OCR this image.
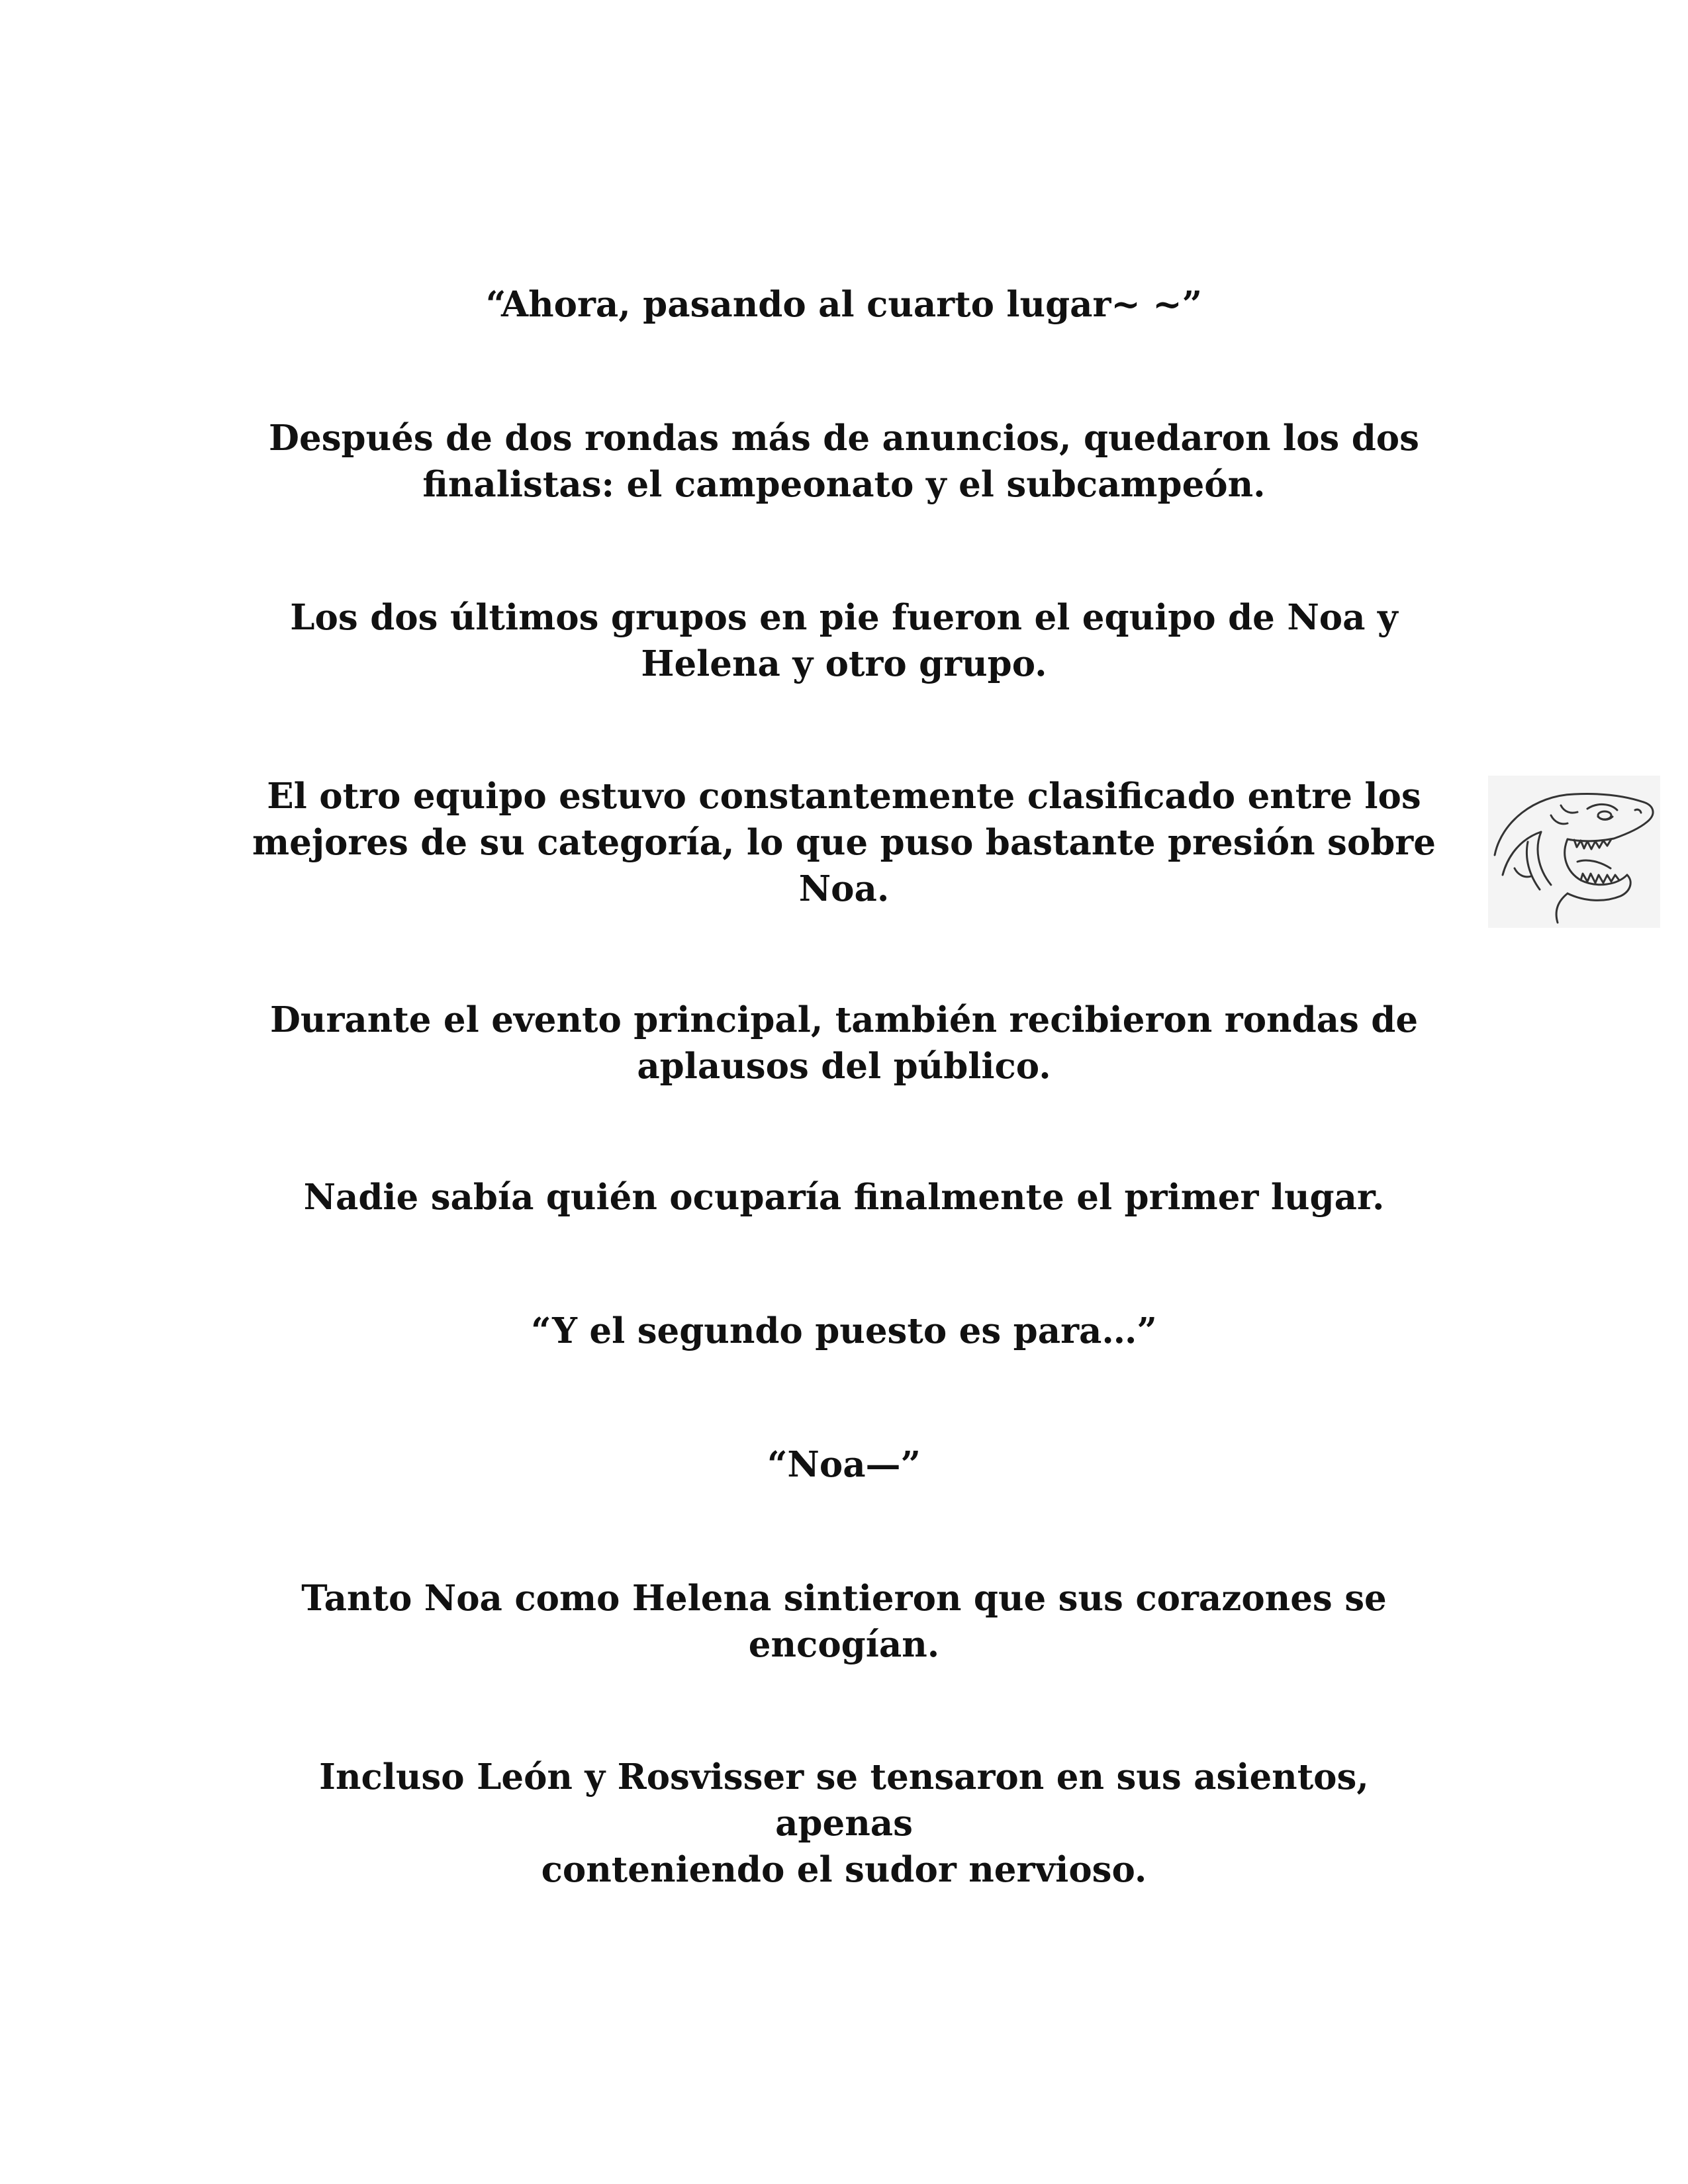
“Ahora, pasando al cuarto lugar~ ~”

Después de dos rondas más de anuncios, quedaron los dos
finalistas: el campeonato y el subcampeón.

Los dos últimos grupos en pie fueron el equipo de Noa y
Helena y otro grupo.

El otro equipo estuvo constantemente clasificado entre los
mejores de su categoría, lo que puso bastante presión sobre
Noa.

Durante el evento principal, también recibieron rondas de
aplausos del público.

Nadie sabía quién ocuparía finalmente el primer lugar.

“Y el segundo puesto es para…”

“Noa—”

Tanto Noa como Helena sintieron que sus corazones se
encogían.

Incluso León y Rosvisser se tensaron en sus asientos, apenas
conteniendo el sudor nervioso.
